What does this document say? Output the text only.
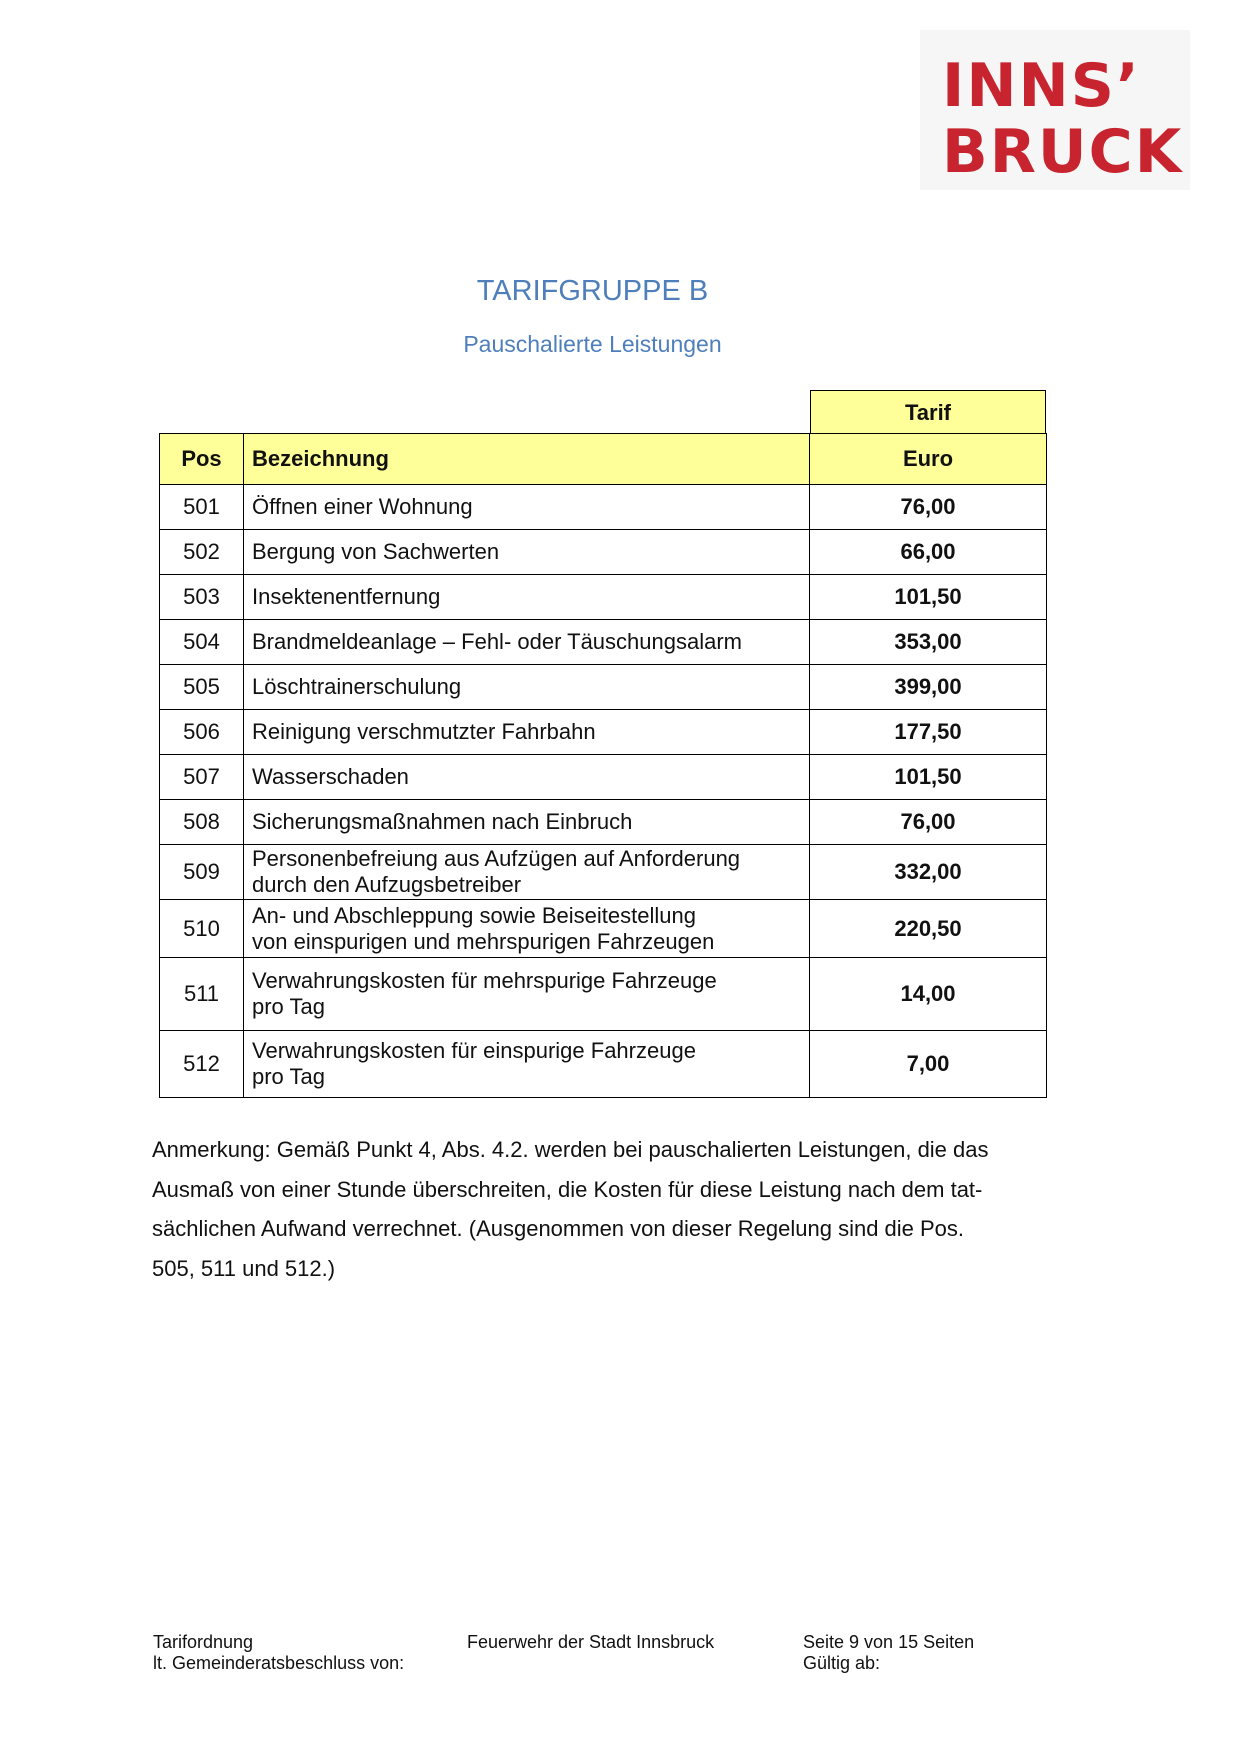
INNS’
BRUCK
TARIFGRUPPE B
Pauschalierte Leistungen
Tarif
Pos	Bezeichnung	Euro
501	Öffnen einer Wohnung	76,00
502	Bergung von Sachwerten	66,00
503	Insektenentfernung	101,50
504	Brandmeldeanlage – Fehl- oder Täuschungsalarm	353,00
505	Löschtrainerschulung	399,00
506	Reinigung verschmutzter Fahrbahn	177,50
507	Wasserschaden	101,50
508	Sicherungsmaßnahmen nach Einbruch	76,00
509	Personenbefreiung aus Aufzügen auf Anforderung
durch den Aufzugsbetreiber	332,00
510	An- und Abschleppung sowie Beiseitestellung
von einspurigen und mehrspurigen Fahrzeugen	220,50
511	Verwahrungskosten für mehrspurige Fahrzeuge
pro Tag	14,00
512	Verwahrungskosten für einspurige Fahrzeuge
pro Tag	7,00
Anmerkung: Gemäß Punkt 4, Abs. 4.2. werden bei pauschalierten Leistungen, die das
Ausmaß von einer Stunde überschreiten, die Kosten für diese Leistung nach dem tat-
sächlichen Aufwand verrechnet. (Ausgenommen von dieser Regelung sind die Pos.
505, 511 und 512.)
Tarifordnung
lt. Gemeinderatsbeschluss von:
Feuerwehr der Stadt Innsbruck	Seite 9 von 15 Seiten
Gültig ab:
